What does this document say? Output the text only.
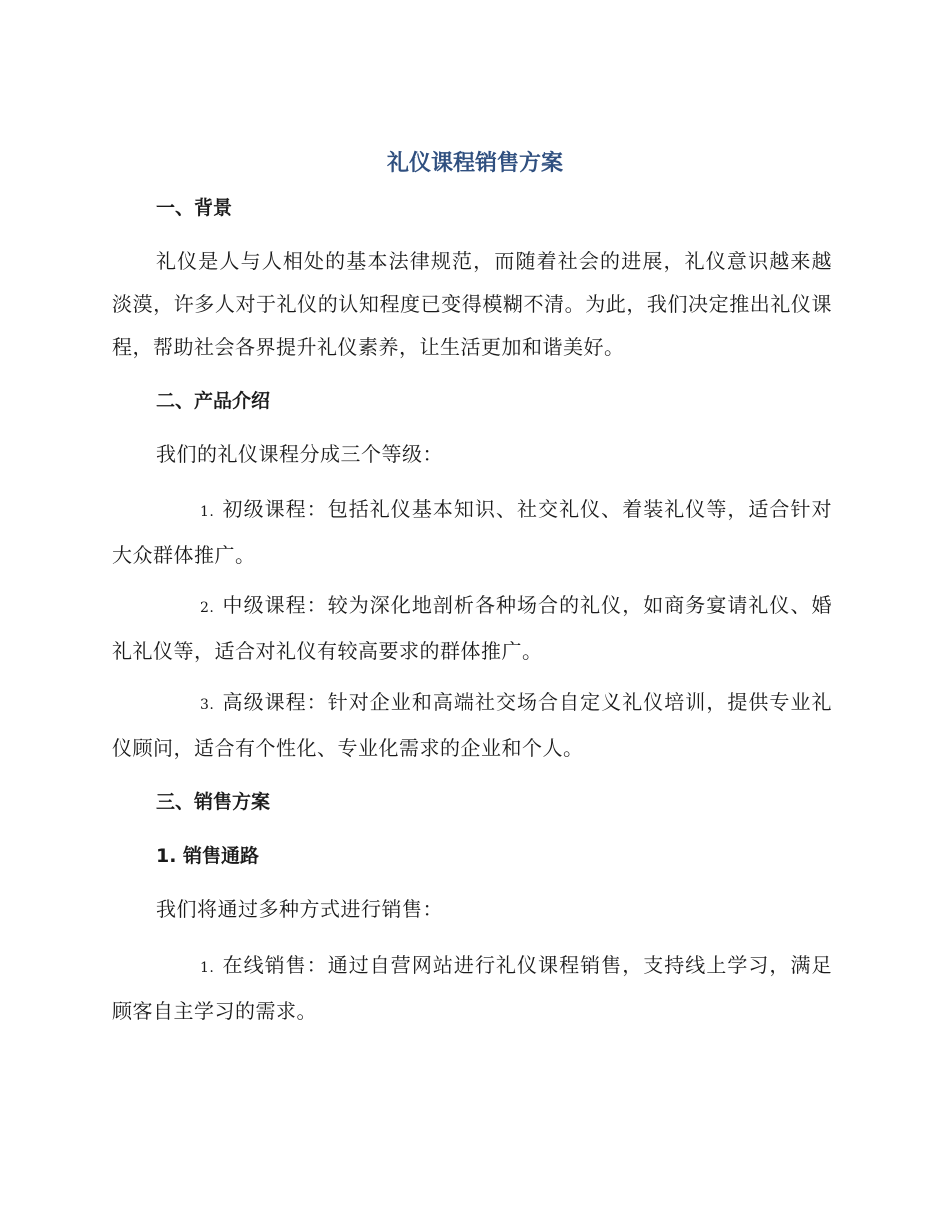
礼仪课程销售方案
一、背景
礼仪是人与人相处的基本法律规范，而随着社会的进展，礼仪意识越来越淡漠，许多人对于礼仪的认知程度已变得模糊不清。为此，我们决定推出礼仪课程，帮助社会各界提升礼仪素养，让生活更加和谐美好。
二、产品介绍
我们的礼仪课程分成三个等级：
1. 初级课程：包括礼仪基本知识、社交礼仪、着装礼仪等，适合针对大众群体推广。
2. 中级课程：较为深化地剖析各种场合的礼仪，如商务宴请礼仪、婚礼礼仪等，适合对礼仪有较高要求的群体推广。
3. 高级课程：针对企业和高端社交场合自定义礼仪培训，提供专业礼仪顾问，适合有个性化、专业化需求的企业和个人。
三、销售方案
1. 销售通路
我们将通过多种方式进行销售：
1. 在线销售：通过自营网站进行礼仪课程销售，支持线上学习，满足顾客自主学习的需求。
